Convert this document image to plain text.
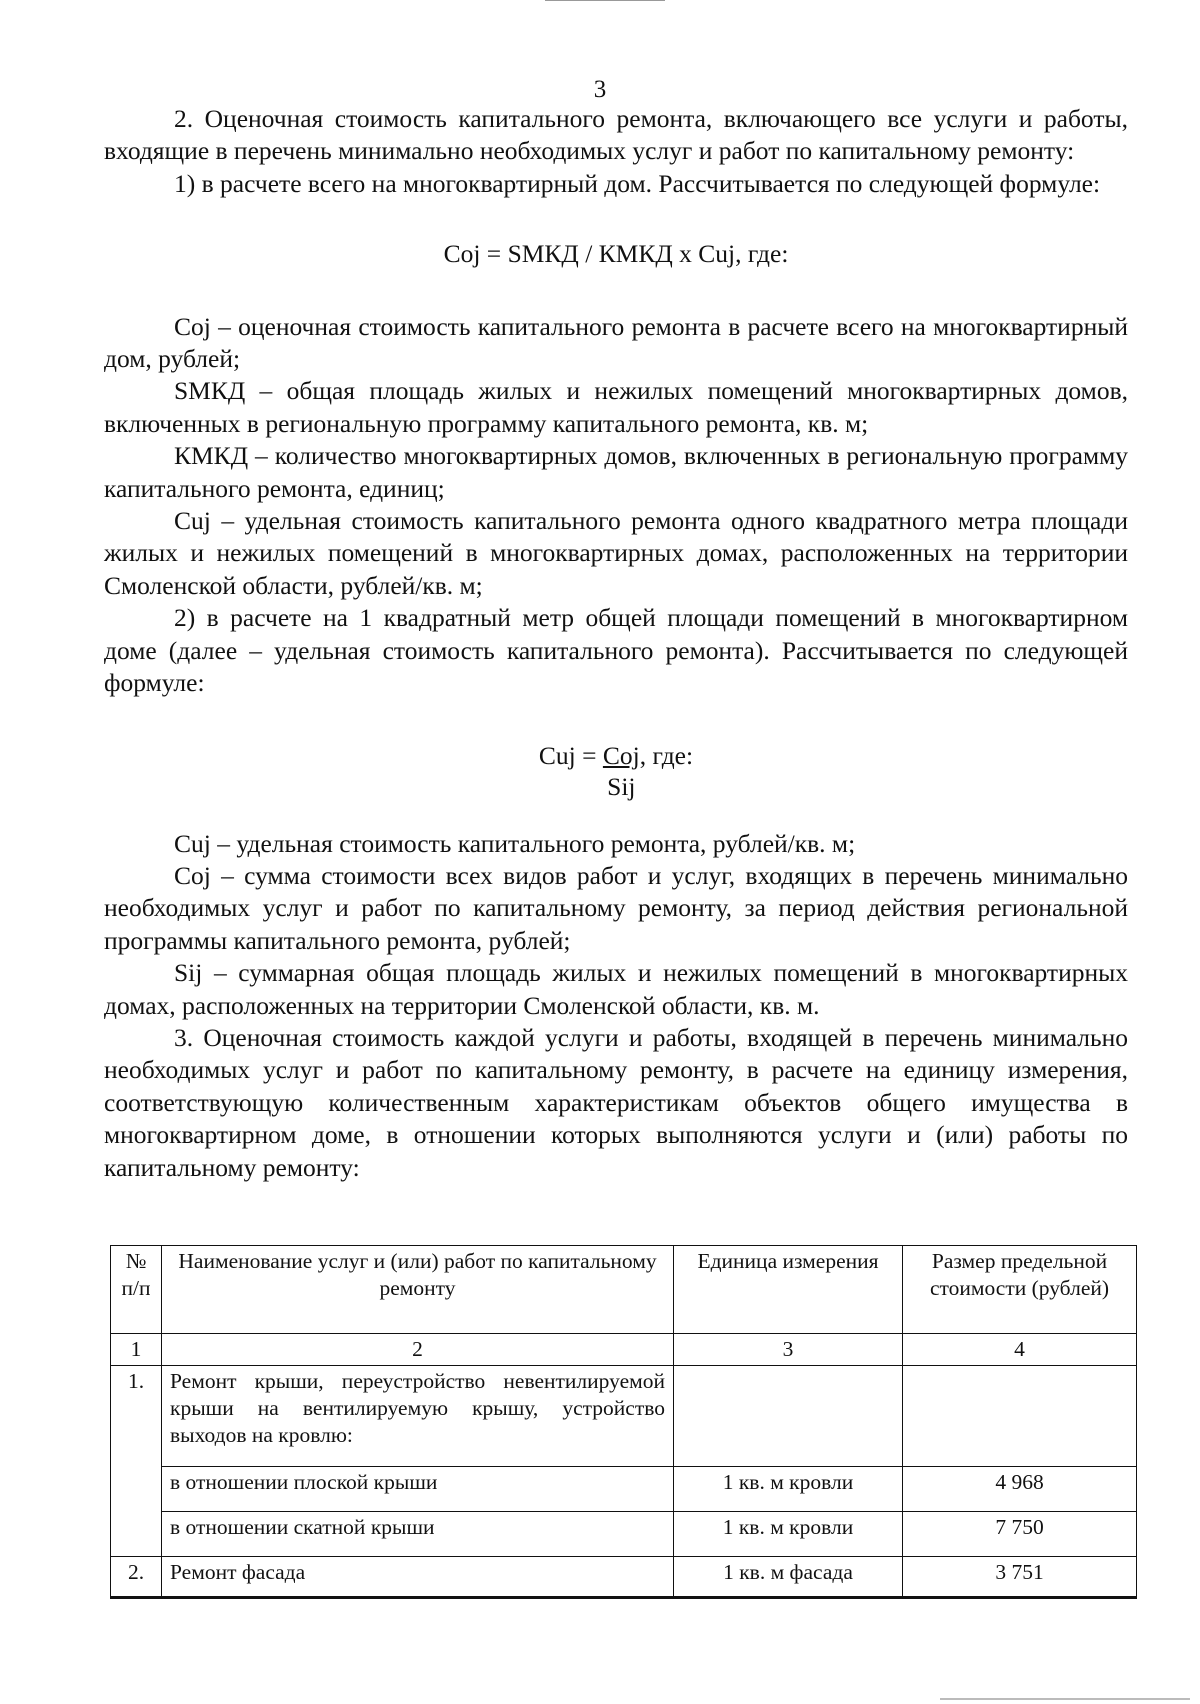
3

2. Оценочная стоимость капитального ремонта, включающего все услуги и работы, входящие в перечень минимально необходимых услуг и работ по капитальному ремонту:

1) в расчете всего на многоквартирный дом. Рассчитывается по следующей формуле:

Coj = SМКД / КМКД х Cuj, где:

Coj – оценочная стоимость капитального ремонта в расчете всего на многоквартирный дом, рублей;

SМКД – общая площадь жилых и нежилых помещений многоквартирных домов, включенных в региональную программу капитального ремонта, кв. м;

КМКД – количество многоквартирных домов, включенных в региональную программу капитального ремонта, единиц;

Cuj – удельная стоимость капитального ремонта одного квадратного метра площади жилых и нежилых помещений в многоквартирных домах, расположенных на территории Смоленской области, рублей/кв. м;

2) в расчете на 1 квадратный метр общей площади помещений в многоквартирном доме (далее – удельная стоимость капитального ремонта). Рассчитывается по следующей формуле:

Cuj = $\frac{\text{Coj}}{\text{Sij}}$ , где:

Cuj – удельная стоимость капитального ремонта, рублей/кв. м;

Coj – сумма стоимости всех видов работ и услуг, входящих в перечень минимально необходимых услуг и работ по капитальному ремонту, за период действия региональной программы капитального ремонта, рублей;

Sij – суммарная общая площадь жилых и нежилых помещений в многоквартирных домах, расположенных на территории Смоленской области, кв. м.

3. Оценочная стоимость каждой услуги и работы, входящей в перечень минимально необходимых услуг и работ по капитальному ремонту, в расчете на единицу измерения, соответствующую количественным характеристикам объектов общего имущества в многоквартирном доме, в отношении которых выполняются услуги и (или) работы по капитальному ремонту:

№ п/п	Наименование услуг и (или) работ по капитальному ремонту	Единица измерения	Размер предельной стоимости (рублей)
1	2	3	4
1.	Ремонт крыши, переустройство невентилируемой крыши на вентилируемую крышу, устройство выходов на кровлю:		
	в отношении плоской крыши	1 кв. м кровли	4 968
	в отношении скатной крыши	1 кв. м кровли	7 750
2.	Ремонт фасада	1 кв. м фасада	3 751
